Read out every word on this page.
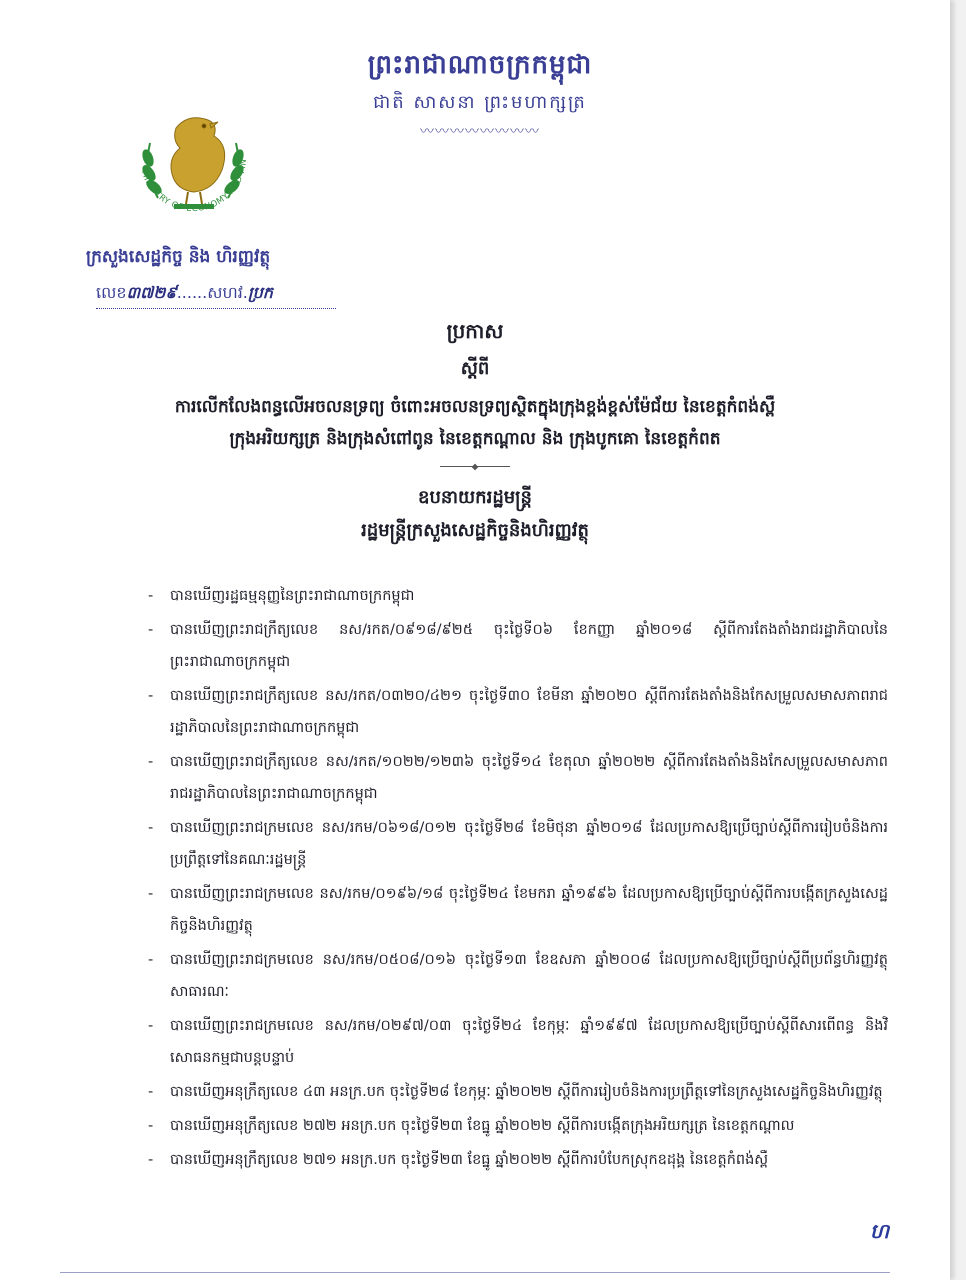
ព្រះរាជាណាចក្រកម្ពុជា
ជាតិ សាសនា ព្រះមហាក្សត្រ
〰〰〰〰〰〰〰〰
MINISTRY OF ECONOMY AND FIN
ក្រសួងសេដ្ឋកិច្ច និង ហិរញ្ញវត្ថុ
លេខ៣៧២៩......សហវ.ប្រក
ប្រកាស
ស្តីពី
ការលើកលែងពន្ធលើអចលនទ្រព្យ ចំពោះអចលនទ្រព្យស្ថិតក្នុងក្រុងខ្ពង់ខ្ពស់ម៉ែជ័យ នៃខេត្តកំពង់ស្ពឺ
ក្រុងអរិយក្សត្រ និងក្រុងសំពៅពូន នៃខេត្តកណ្តាល និង ក្រុងបូកគោ នៃខេត្តកំពត
ឧបនាយករដ្ឋមន្ត្រី
រដ្ឋមន្ត្រីក្រសួងសេដ្ឋកិច្ចនិងហិរញ្ញវត្ថុ
- បានឃើញរដ្ឋធម្មនុញ្ញនៃព្រះរាជាណាចក្រកម្ពុជា
- បានឃើញព្រះរាជក្រឹត្យលេខ នស/រកត/០៩១៨/៩២៥ ចុះថ្ងៃទី០៦ ខែកញ្ញា ឆ្នាំ២០១៨ ស្តីពីការតែងតាំងរាជរដ្ឋាភិបាលនៃព្រះរាជាណាចក្រកម្ពុជា
- បានឃើញព្រះរាជក្រឹត្យលេខ នស/រកត/០៣២០/៤២១ ចុះថ្ងៃទី៣០ ខែមីនា ឆ្នាំ២០២០ ស្តីពីការតែងតាំងនិងកែសម្រួលសមាសភាពរាជរដ្ឋាភិបាលនៃព្រះរាជាណាចក្រកម្ពុជា
- បានឃើញព្រះរាជក្រឹត្យលេខ នស/រកត/១០២២/១២៣៦ ចុះថ្ងៃទី១៤ ខែតុលា ឆ្នាំ២០២២ ស្តីពីការតែងតាំងនិងកែសម្រួលសមាសភាពរាជរដ្ឋាភិបាលនៃព្រះរាជាណាចក្រកម្ពុជា
- បានឃើញព្រះរាជក្រមលេខ នស/រកម/០៦១៨/០១២ ចុះថ្ងៃទី២៨ ខែមិថុនា ឆ្នាំ២០១៨ ដែលប្រកាសឱ្យប្រើច្បាប់ស្តីពីការរៀបចំនិងការប្រព្រឹត្តទៅនៃគណៈរដ្ឋមន្ត្រី
- បានឃើញព្រះរាជក្រមលេខ នស/រកម/០១៩៦/១៨ ចុះថ្ងៃទី២៤ ខែមករា ឆ្នាំ១៩៩៦ ដែលប្រកាសឱ្យប្រើច្បាប់ស្តីពីការបង្កើតក្រសួងសេដ្ឋកិច្ចនិងហិរញ្ញវត្ថុ
- បានឃើញព្រះរាជក្រមលេខ នស/រកម/០៥០៨/០១៦ ចុះថ្ងៃទី១៣ ខែឧសភា ឆ្នាំ២០០៨ ដែលប្រកាសឱ្យប្រើច្បាប់ស្តីពីប្រព័ន្ធហិរញ្ញវត្ថុសាធារណៈ
- បានឃើញព្រះរាជក្រមលេខ នស/រកម/០២៩៧/០៣ ចុះថ្ងៃទី២៤ ខែកុម្ភៈ ឆ្នាំ១៩៩៧ ដែលប្រកាសឱ្យប្រើច្បាប់ស្តីពីសារពើពន្ធ និងវិសោធនកម្មជាបន្តបន្ទាប់
- បានឃើញអនុក្រឹត្យលេខ ៤៣ អនក្រ.បក ចុះថ្ងៃទី២៨ ខែកុម្ភៈ ឆ្នាំ២០២២ ស្តីពីការរៀបចំនិងការប្រព្រឹត្តទៅនៃក្រសួងសេដ្ឋកិច្ចនិងហិរញ្ញវត្ថុ
- បានឃើញអនុក្រឹត្យលេខ ២៧២ អនក្រ.បក ចុះថ្ងៃទី២៣ ខែធ្នូ ឆ្នាំ២០២២ ស្តីពីការបង្កើតក្រុងអរិយក្សត្រ នៃខេត្តកណ្តាល
- បានឃើញអនុក្រឹត្យលេខ ២៧១ អនក្រ.បក ចុះថ្ងៃទី២៣ ខែធ្នូ ឆ្នាំ២០២២ ស្តីពីការបំបែកស្រុកឧដុង្គ នៃខេត្តកំពង់ស្ពឺ
ហ
